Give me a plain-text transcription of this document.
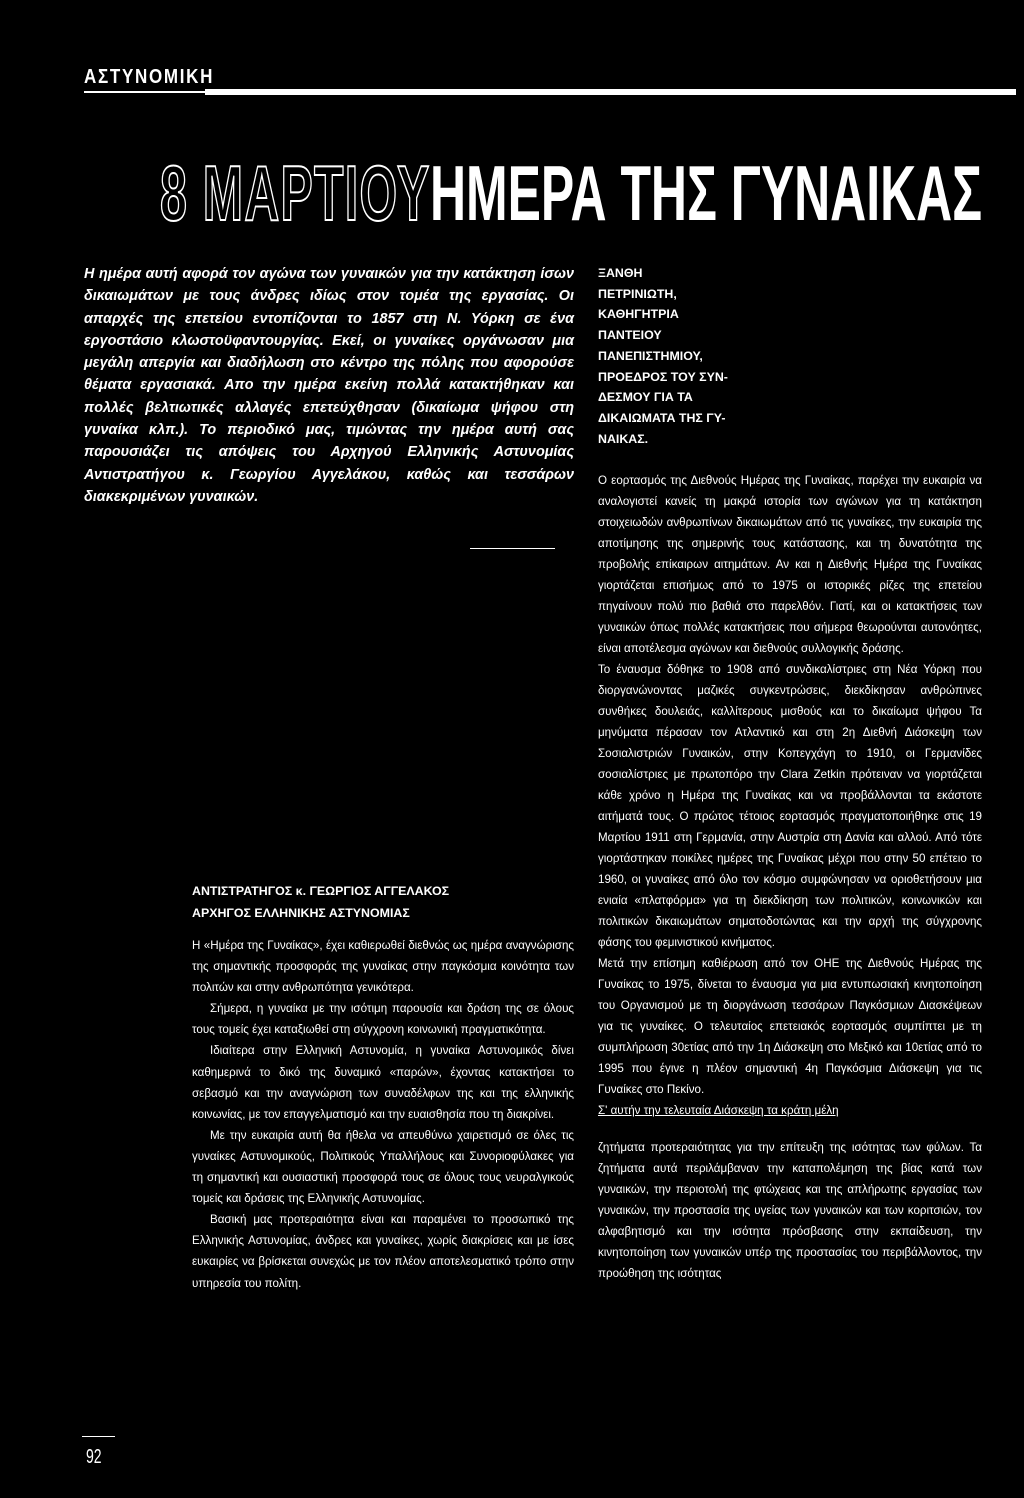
ΑΣΤΥΝΟΜΙΚΗ
8 ΜΑΡΤΙΟΥ ΗΜΕΡΑ ΤΗΣ ΓΥΝΑΙΚΑΣ
Η ημέρα αυτή αφορά τον αγώνα των γυναικών για την κατάκτηση ίσων δικαιωμάτων με τους άνδρες ιδίως στον τομέα της εργασίας. Οι απαρχές της επετείου εντοπίζονται το 1857 στη Ν. Υόρκη σε ένα εργοστάσιο κλωστοϋφαντουργίας. Εκεί, οι γυναίκες οργάνωσαν μια μεγάλη απεργία και διαδήλωση στο κέντρο της πόλης που αφορούσε θέματα εργασιακά. Απο την ημέρα εκείνη πολλά κατακτήθηκαν και πολλές βελτιωτικές αλλαγές επετεύχθησαν (δικαίωμα ψήφου στη γυναίκα κλπ.). Το περιοδικό μας, τιμώντας την ημέρα αυτή σας παρουσιάζει τις απόψεις του Αρχηγού Ελληνικής Αστυνομίας Αντιστρατήγου κ. Γεωργίου Αγγελάκου, καθώς και τεσσάρων διακεκριμένων γυναικών.
ΞΑΝΘΗ
ΠΕΤΡΙΝΙΩΤΗ,
ΚΑΘΗΓΗΤΡΙΑ
ΠΑΝΤΕΙΟΥ
ΠΑΝΕΠΙΣΤΗΜΙΟΥ,
ΠΡΟΕΔΡΟΣ ΤΟΥ ΣΥΝ-
ΔΕΣΜΟΥ ΓΙΑ ΤΑ
ΔΙΚΑΙΩΜΑΤΑ ΤΗΣ ΓΥ-
ΝΑΙΚΑΣ.

Ο εορτασμός της Διεθνούς Ημέρας της Γυναίκας, παρέχει την ευκαιρία να αναλογιστεί κανείς τη μακρά ιστορία των αγώνων για τη κατάκτηση στοιχειωδών ανθρωπίνων δικαιωμάτων από τις γυναίκες, την ευκαιρία της αποτίμησης της σημερινής τους κατάστασης, και τη δυνατότητα της προβολής επίκαιρων αιτημάτων. Αν και η Διεθνής Ημέρα της Γυναίκας γιορτάζεται επισήμως από το 1975 οι ιστορικές ρίζες της επετείου πηγαίνουν πολύ πιο βαθιά στο παρελθόν. Γιατί, και οι κατακτήσεις των γυναικών όπως πολλές κατακτήσεις που σήμερα θεωρούνται αυτονόητες, είναι αποτέλεσμα αγώνων και διεθνούς συλλογικής δράσης.

Το έναυσμα δόθηκε το 1908 από συνδικαλίστριες στη Νέα Υόρκη που διοργανώνοντας μαζικές συγκεντρώσεις, διεκδίκησαν ανθρώπινες συνθήκες δουλειάς, καλλίτερους μισθούς και το δικαίωμα ψήφου Τα μηνύματα πέρασαν τον Ατλαντικό και στη 2η Διεθνή Διάσκεψη των Σοσιαλιστριών Γυναικών, στην Κοπεγχάγη το 1910, οι Γερμανίδες σοσιαλίστριες με πρωτοπόρο την Clara Zetkin πρότειναν να γιορτάζεται κάθε χρόνο η Ημέρα της Γυναίκας και να προβάλλονται τα εκάστοτε αιτήματά τους. Ο πρώτος τέτοιος εορτασμός πραγματοποιήθηκε στις 19 Μαρτίου 1911 στη Γερμανία, στην Αυστρία στη Δανία και αλλού. Από τότε γιορτάστηκαν ποικίλες ημέρες της Γυναίκας μέχρι που στην 50 επέτειο το 1960, οι γυναίκες από όλο τον κόσμο συμφώνησαν να οριοθετήσουν μια ενιαία «πλατφόρμα» για τη διεκδίκηση των πολιτικών, κοινωνικών και πολιτικών δικαιωμάτων σηματοδοτώντας και την αρχή της σύγχρονης φάσης του φεμινιστικού κινήματος.

Μετά την επίσημη καθιέρωση από τον ΟΗΕ της Διεθνούς Ημέρας της Γυναίκας το 1975, δίνεται το έναυσμα για μια εντυπωσιακή κινητοποίηση του Οργανισμού με τη διοργάνωση τεσσάρων Παγκόσμιων Διασκέψεων για τις γυναίκες. Ο τελευταίος επετειακός εορτασμός συμπίπτει με τη συμπλήρωση 30ετίας από την 1η Διάσκεψη στο Μεξικό και 10ετίας από το 1995 που έγινε η πλέον σημαντική 4η Παγκόσμια Διάσκεψη για τις Γυναίκες στο Πεκίνο.

Σ' αυτήν την τελευταία Διάσκεψη τα κράτη μέλη

ζητήματα προτεραιότητας για την επίτευξη της ισότητας των φύλων. Τα ζητήματα αυτά περιλάμβαναν την καταπολέμηση της βίας κατά των γυναικών, την περιοτολή της φτώχειας και της απλήρωτης εργασίας των γυναικών, την προστασία της υγείας των γυναικών και των κοριτσιών, τον αλφαβητισμό και την ισότητα πρόσβασης στην εκπαίδευση, την κινητοποίηση των γυναικών υπέρ της προστασίας του περιβάλλοντος, την προώθηση της ισότητας

ΑΝΤΙΣΤΡΑΤΗΓΟΣ κ. ΓΕΩΡΓΙΟΣ ΑΓΓΕΛΑΚΟΣ
ΑΡΧΗΓΟΣ ΕΛΛΗΝΙΚΗΣ ΑΣΤΥΝΟΜΙΑΣ

Η «Ημέρα της Γυναίκας», έχει καθιερωθεί διεθνώς ως ημέρα αναγνώρισης της σημαντικής προσφοράς της γυναίκας στην παγκόσμια κοινότητα των πολιτών και στην ανθρωπότητα γενικότερα.

Σήμερα, η γυναίκα με την ισότιμη παρουσία και δράση της σε όλους τους τομείς έχει καταξιωθεί στη σύγχρονη κοινωνική πραγματικότητα.

Ιδιαίτερα στην Ελληνική Αστυνομία, η γυναίκα Αστυνομικός δίνει καθημερινά το δικό της δυναμικό «παρών», έχοντας κατακτήσει το σεβασμό και την αναγνώριση των συναδέλφων της και της ελληνικής κοινωνίας, με τον επαγγελματισμό και την ευαισθησία που τη διακρίνει.

Με την ευκαιρία αυτή θα ήθελα να απευθύνω χαιρετισμό σε όλες τις γυναίκες Αστυνομικούς, Πολιτικούς Υπαλλήλους και Συνοριοφύλακες για τη σημαντική και ουσιαστική προσφορά τους σε όλους τους νευραλγικούς τομείς και δράσεις της Ελληνικής Αστυνομίας.

Βασική μας προτεραιότητα είναι και παραμένει το προσωπικό της Ελληνικής Αστυνομίας, άνδρες και γυναίκες, χωρίς διακρίσεις και με ίσες ευκαιρίες να βρίσκεται συνεχώς με τον πλέον αποτελεσματικό τρόπο στην υπηρεσία του πολίτη.

92
